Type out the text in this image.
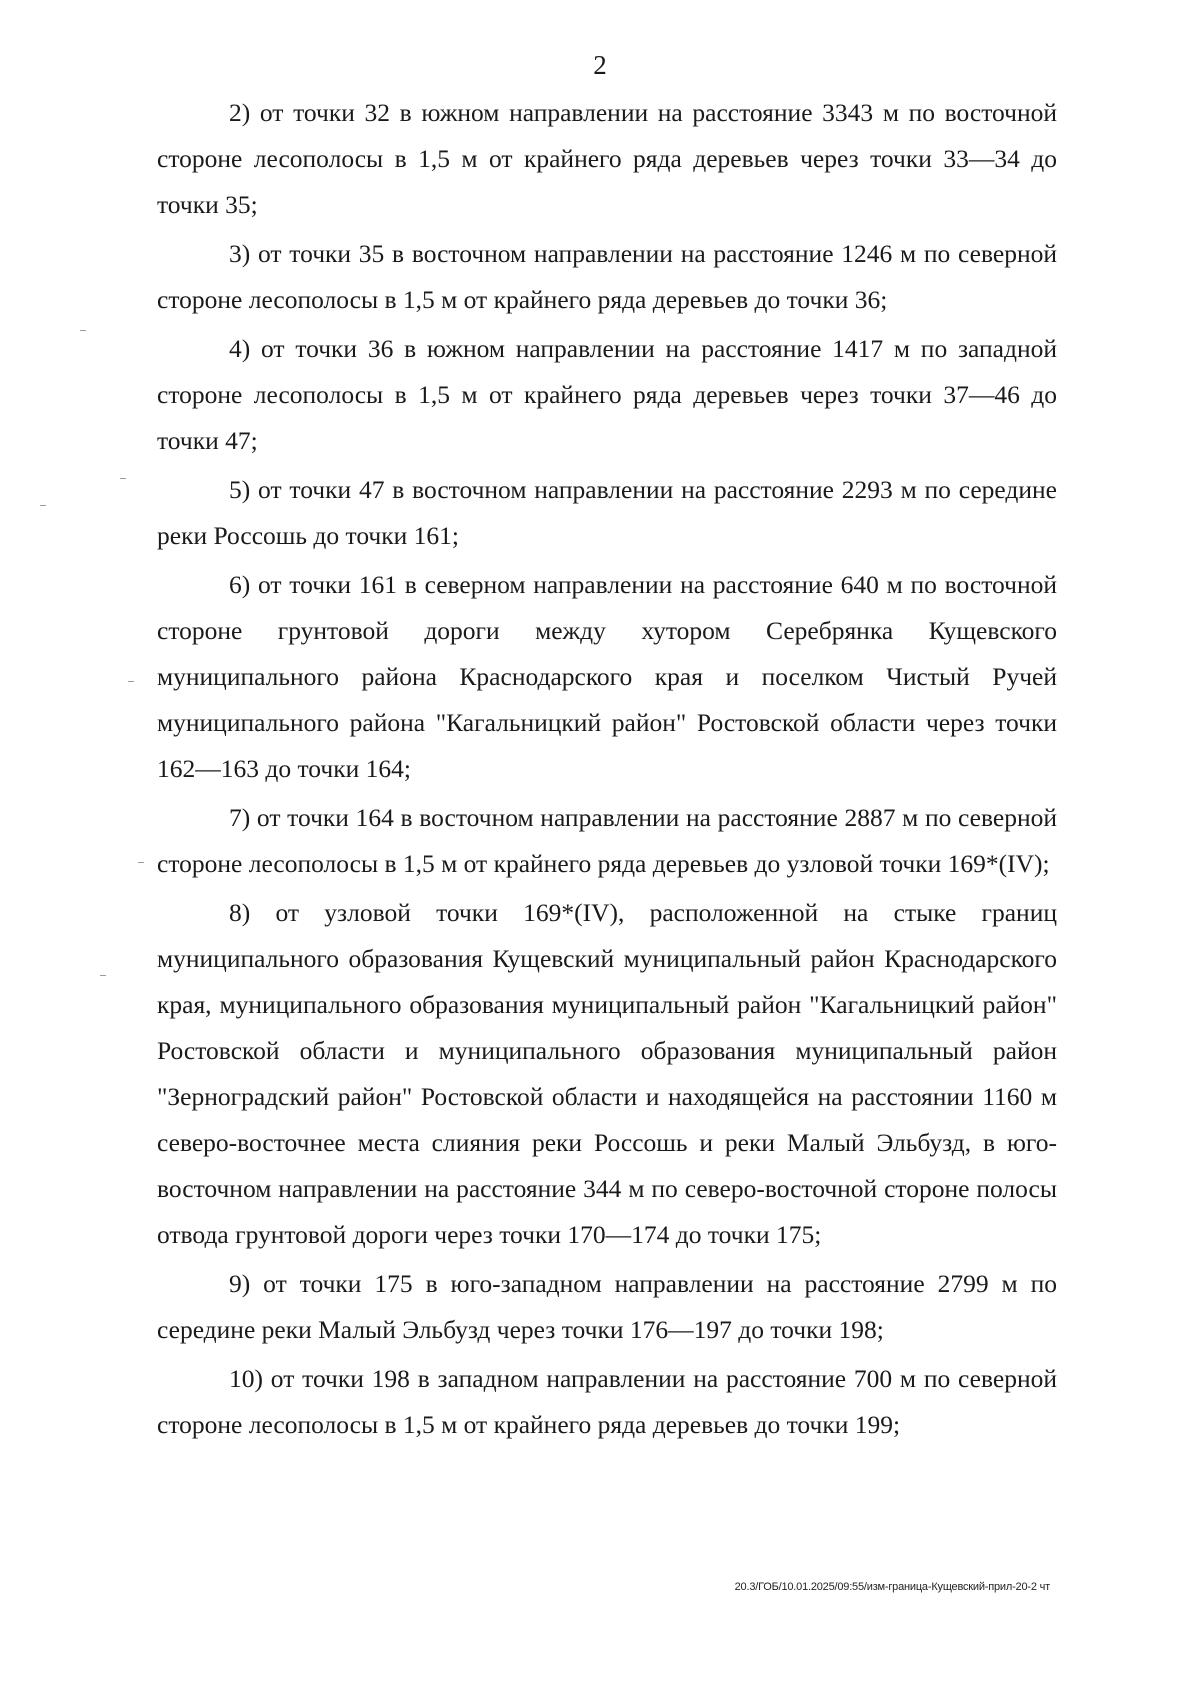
2

2) от точки 32 в южном направлении на расстояние 3343 м по восточной стороне лесополосы в 1,5 м от крайнего ряда деревьев через точки 33—34 до точки 35;

3) от точки 35 в восточном направлении на расстояние 1246 м по северной стороне лесополосы в 1,5 м от крайнего ряда деревьев до точки 36;

4) от точки 36 в южном направлении на расстояние 1417 м по западной стороне лесополосы в 1,5 м от крайнего ряда деревьев через точки 37—46 до точки 47;

5) от точки 47 в восточном направлении на расстояние 2293 м по середине реки Россошь до точки 161;

6) от точки 161 в северном направлении на расстояние 640 м по восточной стороне грунтовой дороги между хутором Серебрянка Кущевского муниципального района Краснодарского края и поселком Чистый Ручей муниципального района "Кагальницкий район" Ростовской области через точки 162—163 до точки 164;

7) от точки 164 в восточном направлении на расстояние 2887 м по северной стороне лесополосы в 1,5 м от крайнего ряда деревьев до узловой точки 169*(IV);

8) от узловой точки 169*(IV), расположенной на стыке границ муниципального образования Кущевский муниципальный район Краснодарского края, муниципального образования муниципальный район "Кагальницкий район" Ростовской области и муниципального образования муниципальный район "Зерноградский район" Ростовской области и находящейся на расстоянии 1160 м северо-восточнее места слияния реки Россошь и реки Малый Эльбузд, в юго-восточном направлении на расстояние 344 м по северо-восточной стороне полосы отвода грунтовой дороги через точки 170—174 до точки 175;

9) от точки 175 в юго-западном направлении на расстояние 2799 м по середине реки Малый Эльбузд через точки 176—197 до точки 198;

10) от точки 198 в западном направлении на расстояние 700 м по северной стороне лесополосы в 1,5 м от крайнего ряда деревьев до точки 199;

20.3/ГОБ/10.01.2025/09:55/изм-граница-Кущевский-прил-20-2 чт
